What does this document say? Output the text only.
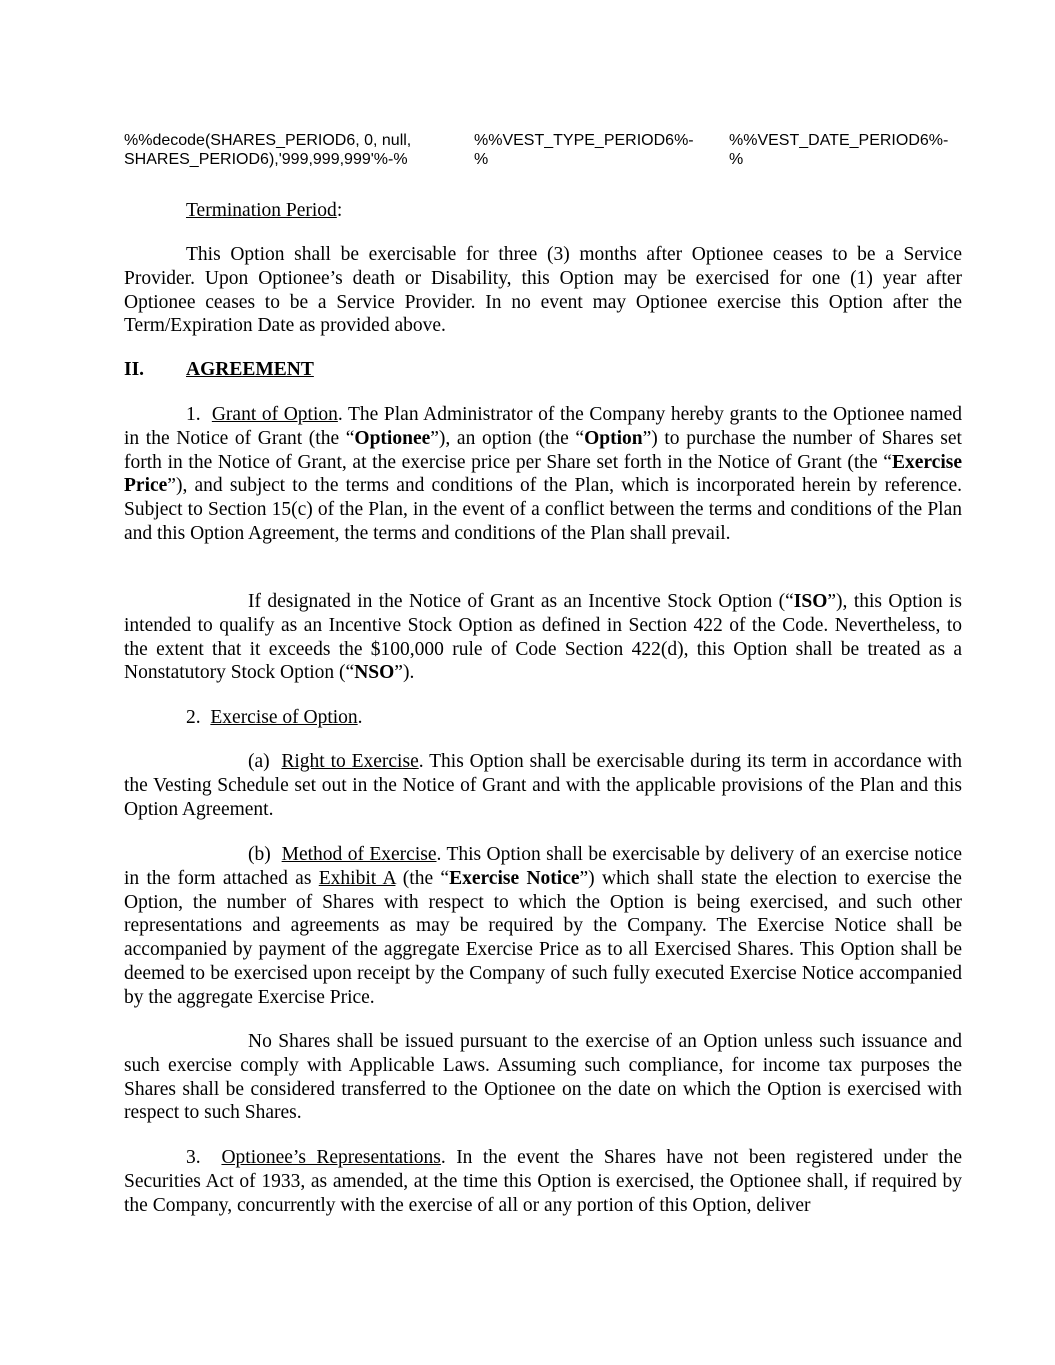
%%decode(SHARES_PERIOD6, 0, null,
SHARES_PERIOD6),'999,999,999'%-%
%%VEST_TYPE_PERIOD6%-
%
%%VEST_DATE_PERIOD6%-
%

Termination Period:

This Option shall be exercisable for three (3) months after Optionee ceases to be a Service Provider. Upon Optionee’s death or Disability, this Option may be exercised for one (1) year after Optionee ceases to be a Service Provider. In no event may Optionee exercise this Option after the Term/Expiration Date as provided above.

II. AGREEMENT

1. Grant of Option. The Plan Administrator of the Company hereby grants to the Optionee named in the Notice of Grant (the “Optionee”), an option (the “Option”) to purchase the number of Shares set forth in the Notice of Grant, at the exercise price per Share set forth in the Notice of Grant (the “Exercise Price”), and subject to the terms and conditions of the Plan, which is incorporated herein by reference. Subject to Section 15(c) of the Plan, in the event of a conflict between the terms and conditions of the Plan and this Option Agreement, the terms and conditions of the Plan shall prevail.

If designated in the Notice of Grant as an Incentive Stock Option (“ISO”), this Option is intended to qualify as an Incentive Stock Option as defined in Section 422 of the Code. Nevertheless, to the extent that it exceeds the $100,000 rule of Code Section 422(d), this Option shall be treated as a Nonstatutory Stock Option (“NSO”).

2. Exercise of Option.

(a) Right to Exercise. This Option shall be exercisable during its term in accordance with the Vesting Schedule set out in the Notice of Grant and with the applicable provisions of the Plan and this Option Agreement.

(b) Method of Exercise. This Option shall be exercisable by delivery of an exercise notice in the form attached as Exhibit A (the “Exercise Notice”) which shall state the election to exercise the Option, the number of Shares with respect to which the Option is being exercised, and such other representations and agreements as may be required by the Company. The Exercise Notice shall be accompanied by payment of the aggregate Exercise Price as to all Exercised Shares. This Option shall be deemed to be exercised upon receipt by the Company of such fully executed Exercise Notice accompanied by the aggregate Exercise Price.

No Shares shall be issued pursuant to the exercise of an Option unless such issuance and such exercise comply with Applicable Laws. Assuming such compliance, for income tax purposes the Shares shall be considered transferred to the Optionee on the date on which the Option is exercised with respect to such Shares.

3. Optionee’s Representations. In the event the Shares have not been registered under the Securities Act of 1933, as amended, at the time this Option is exercised, the Optionee shall, if required by the Company, concurrently with the exercise of all or any portion of this Option, deliver
